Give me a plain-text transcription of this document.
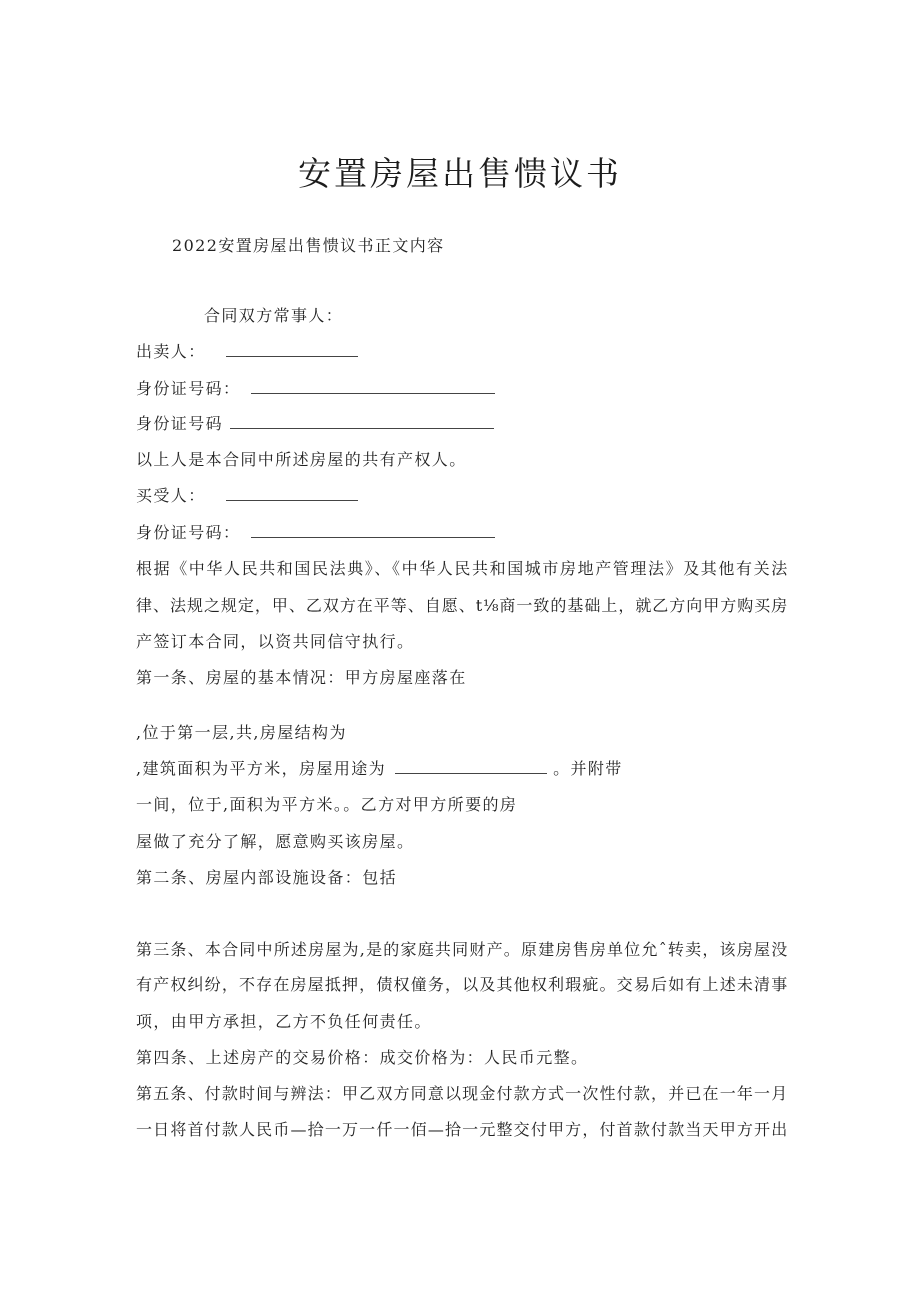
安置房屋出售愦议书
2022安置房屋出售愦议书正文内容
合同双方常事人：
出卖人：
身份证号码：
身份证号码
以上人是本合同中所述房屋的共有产权人。
买受人：
身份证号码：
根据《中华人民共和国民法典》、《中华人民共和国城市房地产管理法》及其他有关法
律、法规之规定，甲、乙双方在平等、自愿、t⅛商一致的基础上，就乙方向甲方购买房
产签订本合同，以资共同信守执行。
第一条、房屋的基本情况：甲方房屋座落在
,位于第一层,共,房屋结构为
,建筑面积为平方米，房屋用途为	。并附带
一间，位于,面积为平方米。。乙方对甲方所要的房
屋做了充分了解，愿意购买该房屋。
第二条、房屋内部设施设备：包括
第三条、本合同中所述房屋为,是的家庭共同财产。原建房售房单位允ˆ转卖，该房屋没
有产权纠纷，不存在房屋抵押，债权僮务，以及其他权利瑕疵。交易后如有上述未清事
项，由甲方承担，乙方不负任何责任。
第四条、上述房产的交易价格：成交价格为：人民币元整。
第五条、付款时间与辨法：甲乙双方同意以现金付款方式一次性付款，并已在一年一月
一日将首付款人民币—拾一万一仟一佰—拾一元整交付甲方，付首款付款当天甲方开出
